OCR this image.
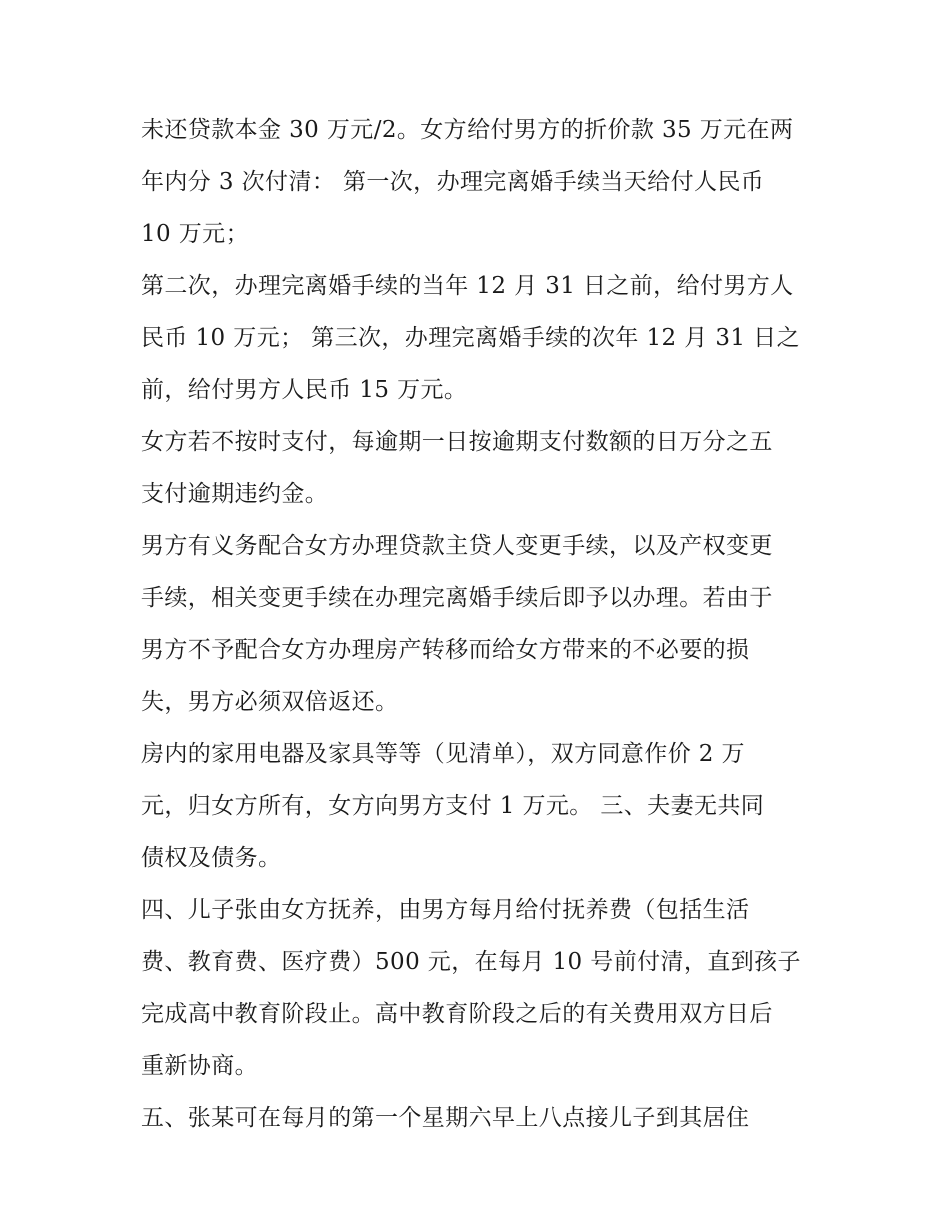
未还贷款本金 30 万元/2。女方给付男方的折价款 35 万元在两
年内分 3 次付清： 第一次，办理完离婚手续当天给付人民币
10 万元；
第二次，办理完离婚手续的当年 12 月 31 日之前，给付男方人
民币 10 万元； 第三次，办理完离婚手续的次年 12 月 31 日之
前，给付男方人民币 15 万元。
女方若不按时支付，每逾期一日按逾期支付数额的日万分之五
支付逾期违约金。
男方有义务配合女方办理贷款主贷人变更手续，以及产权变更
手续，相关变更手续在办理完离婚手续后即予以办理。若由于
男方不予配合女方办理房产转移而给女方带来的不必要的损
失，男方必须双倍返还。
房内的家用电器及家具等等（见清单），双方同意作价 2 万
元，归女方所有，女方向男方支付 1 万元。 三、夫妻无共同
债权及债务。
四、儿子张由女方抚养，由男方每月给付抚养费（包括生活
费、教育费、医疗费）500 元，在每月 10 号前付清，直到孩子
完成高中教育阶段止。高中教育阶段之后的有关费用双方日后
重新协商。
五、张某可在每月的第一个星期六早上八点接儿子到其居住
